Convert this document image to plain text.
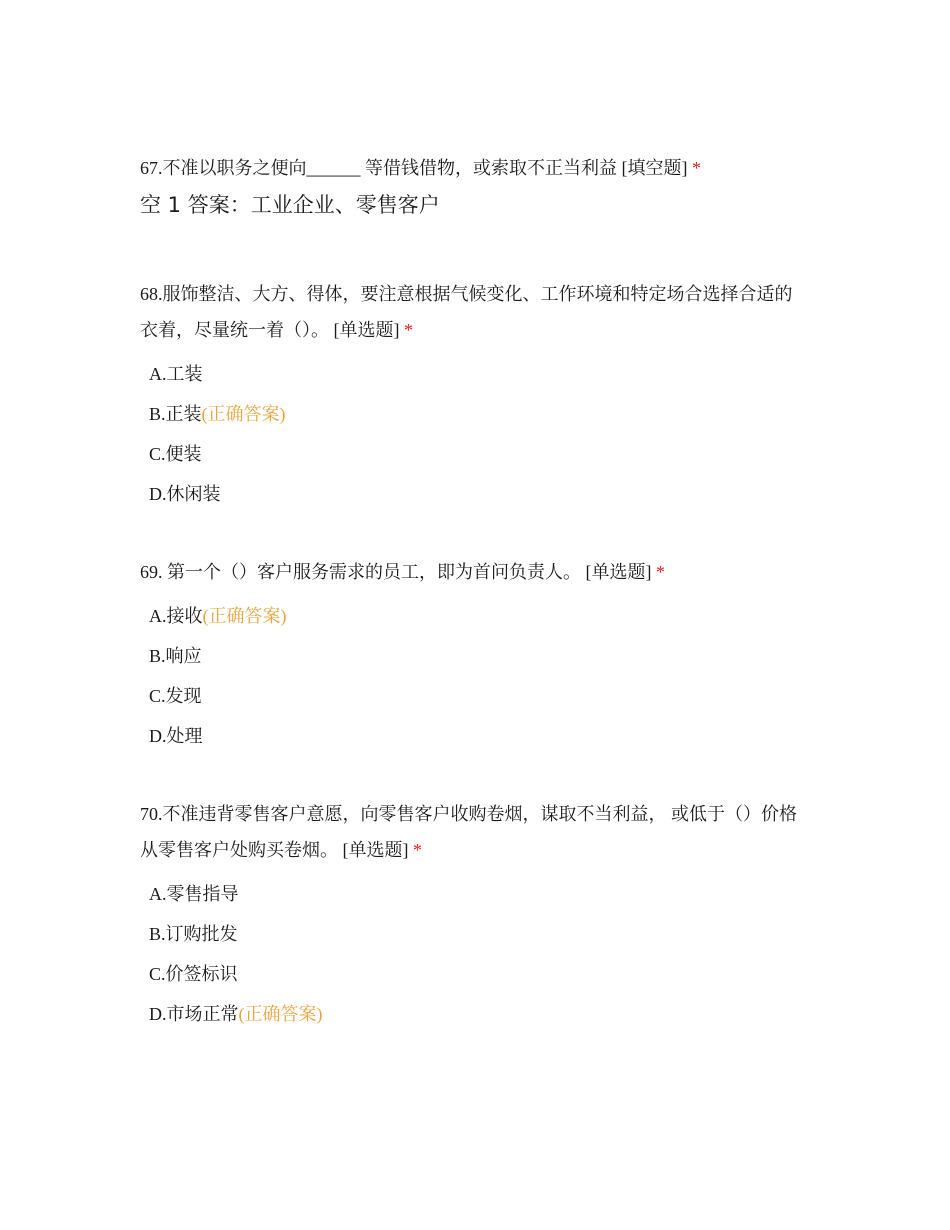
67.不准以职务之便向______ 等借钱借物，或索取不正当利益 [填空题] *

空 1 答案：工业企业、零售客户

68.服饰整洁、大方、得体，要注意根据气候变化、工作环境和特定场合选择合适的衣着，尽量统一着（）。 [单选题] *

A.工装
B.正装(正确答案)
C.便装
D.休闲装

69. 第一个（）客户服务需求的员工，即为首问负责人。 [单选题] *

A.接收(正确答案)
B.响应
C.发现
D.处理

70.不准违背零售客户意愿，向零售客户收购卷烟，谋取不当利益， 或低于（）价格从零售客户处购买卷烟。 [单选题] *

A.零售指导
B.订购批发
C.价签标识
D.市场正常(正确答案)
